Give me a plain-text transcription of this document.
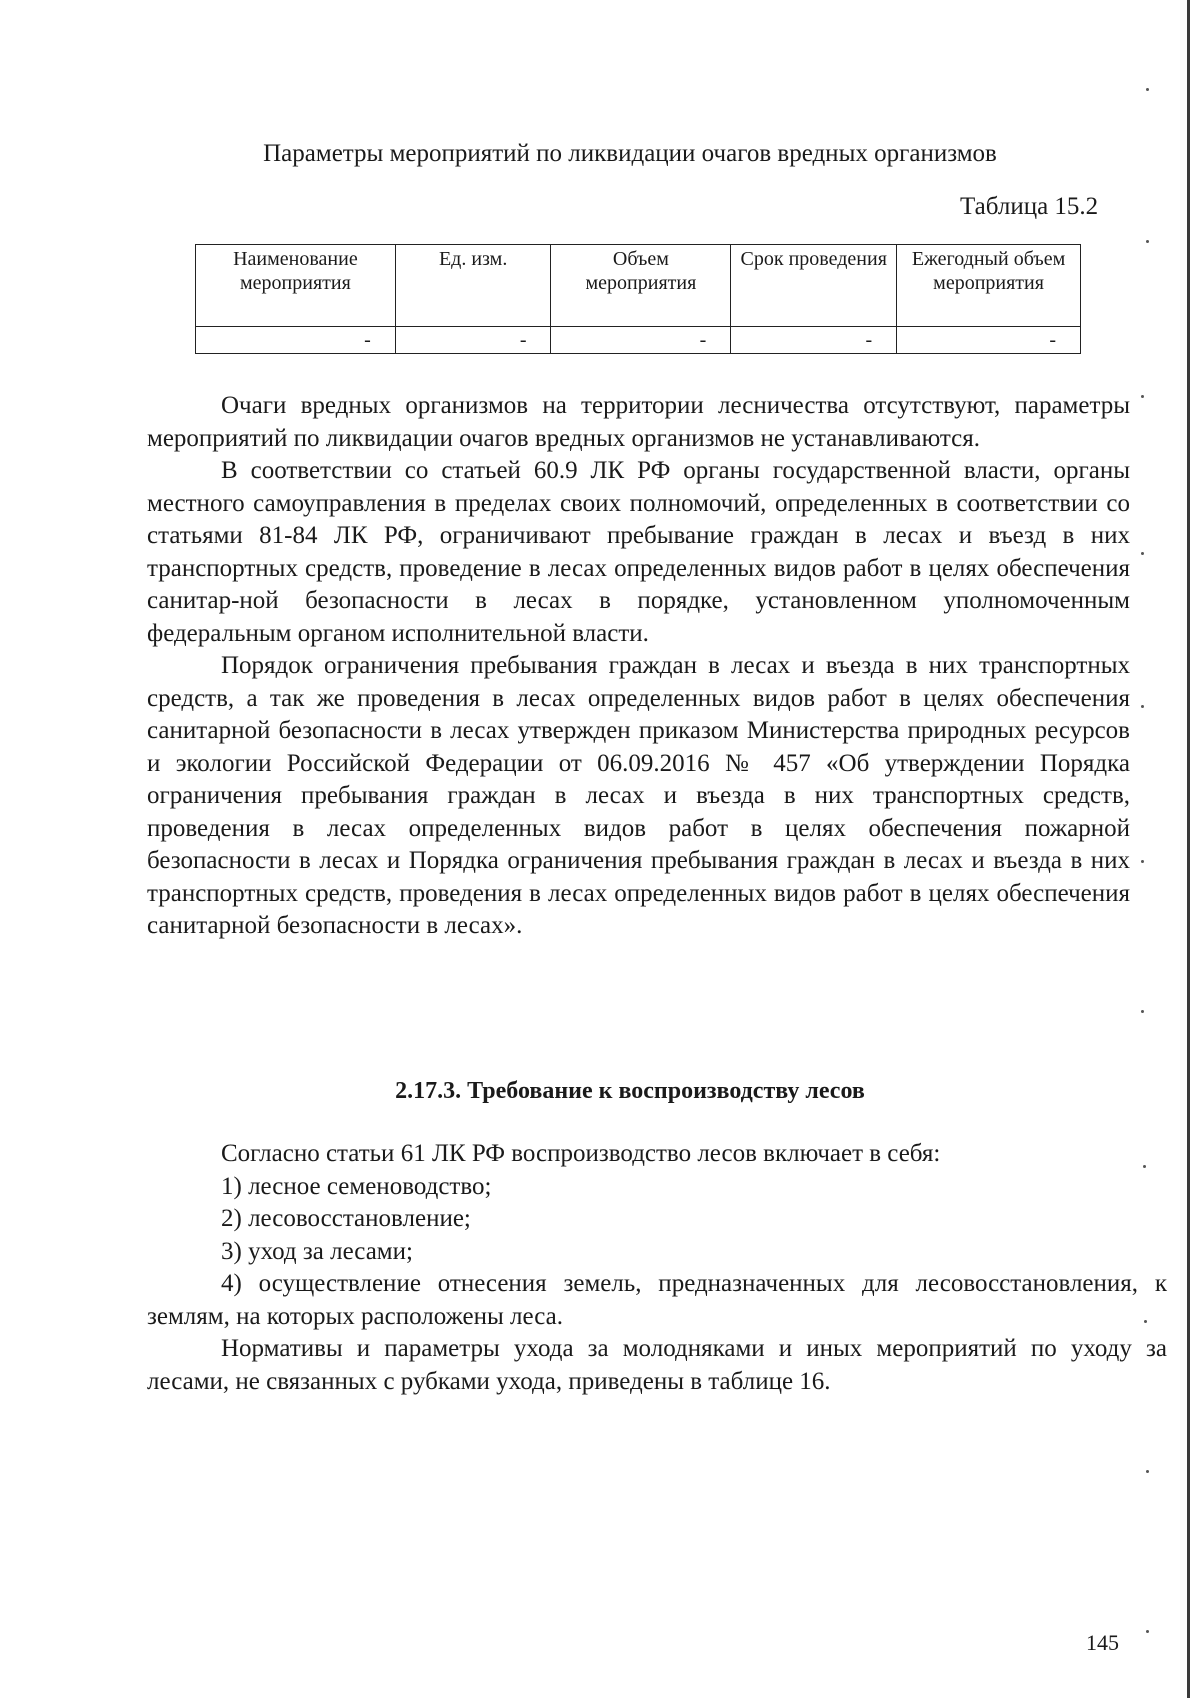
Параметры мероприятий по ликвидации очагов вредных организмов
Таблица 15.2
Наименование мероприятия	Ед. изм.	Объем мероприятия	Срок проведения	Ежегодный объем мероприятия
-	-	-	-	-

Очаги вредных организмов на территории лесничества отсутствуют, параметры мероприятий по ликвидации очагов вредных организмов не устанавливаются.

В соответствии со статьей 60.9 ЛК РФ органы государственной власти, органы местного самоуправления в пределах своих полномочий, определенных в соответствии со статьями 81-84 ЛК РФ, ограничивают пребывание граждан в лесах и въезд в них транспортных средств, проведение в лесах определенных видов работ в целях обеспечения санитар-ной безопасности в лесах в порядке, установленном уполномоченным федеральным органом исполнительной власти.

Порядок ограничения пребывания граждан в лесах и въезда в них транспортных средств, а так же проведения в лесах определенных видов работ в целях обеспечения санитарной безопасности в лесах утвержден приказом Министерства природных ресурсов и экологии Российской Федерации от 06.09.2016 № 457 «Об утверждении Порядка ограничения пребывания граждан в лесах и въезда в них транспортных средств, проведения в лесах определенных видов работ в целях обеспечения пожарной безопасности в лесах и Порядка ограничения пребывания граждан в лесах и въезда в них транспортных средств, проведения в лесах определенных видов работ в целях обеспечения санитарной безопасности в лесах».

2.17.3. Требование к воспроизводству лесов

Согласно статьи 61 ЛК РФ воспроизводство лесов включает в себя:

1) лесное семеноводство;

2) лесовосстановление;

3) уход за лесами;

4) осуществление отнесения земель, предназначенных для лесовосстановления, к землям, на которых расположены леса.

Нормативы и параметры ухода за молодняками и иных мероприятий по уходу за лесами, не связанных с рубками ухода, приведены в таблице 16.

145
